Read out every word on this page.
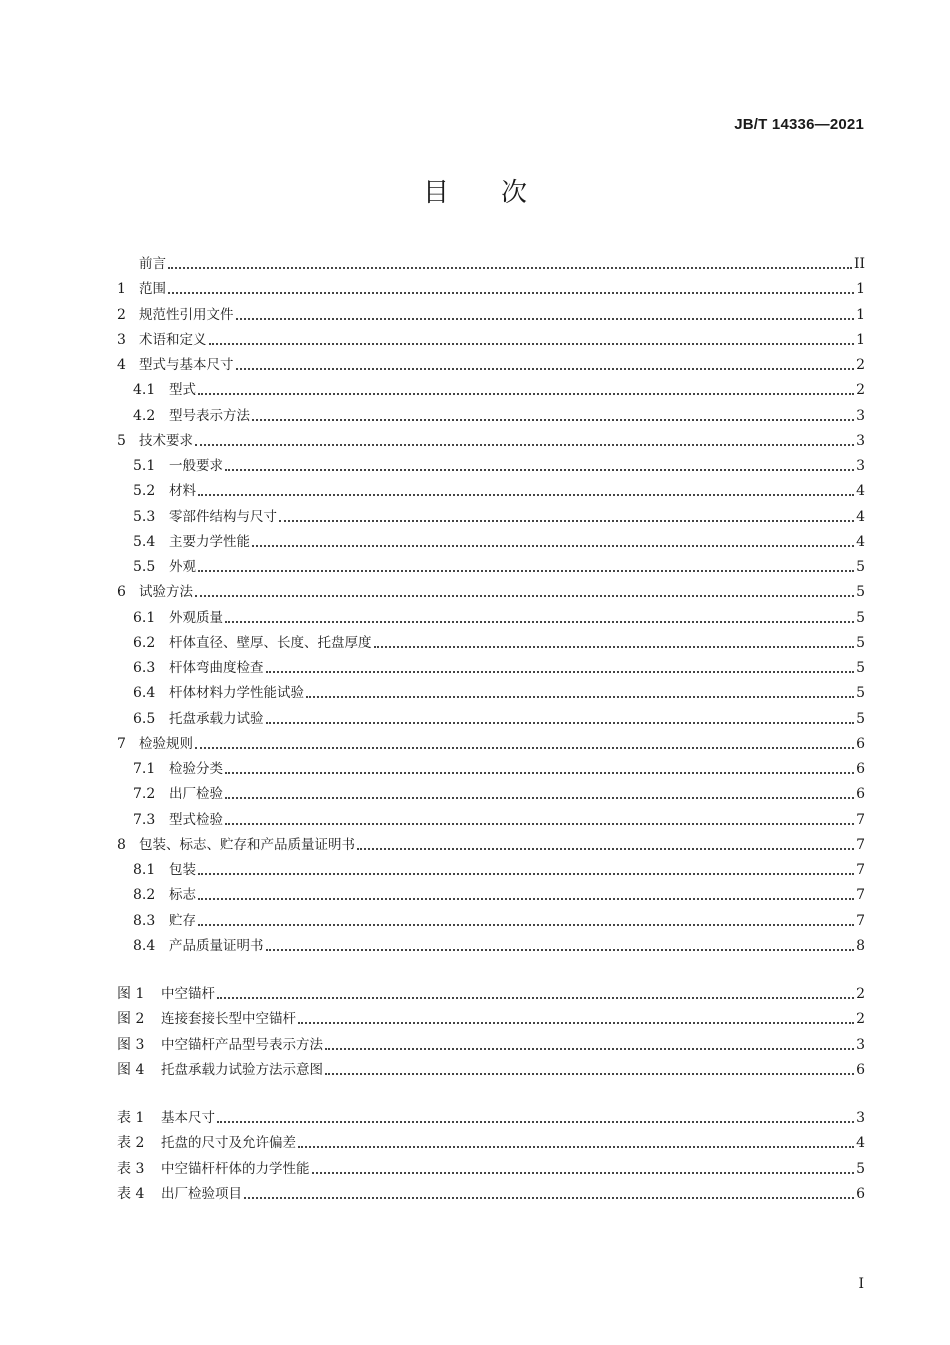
JB/T 14336—2021
目次
前言	II
1 范围	1
2 规范性引用文件	1
3 术语和定义	1
4 型式与基本尺寸	2
4.1	型式	2
4.2	型号表示方法	3
5 技术要求	3
5.1	一般要求	3
5.2	材料	4
5.3	零部件结构与尺寸	4
5.4	主要力学性能	4
5.5	外观	5
6 试验方法	5
6.1	外观质量	5
6.2	杆体直径、壁厚、长度、托盘厚度	5
6.3	杆体弯曲度检查	5
6.4	杆体材料力学性能试验	5
6.5	托盘承载力试验	5
7 检验规则	6
7.1	检验分类	6
7.2	出厂检验	6
7.3	型式检验	7
8 包装、标志、贮存和产品质量证明书	7
8.1	包装	7
8.2	标志	7
8.3	贮存	7
8.4	产品质量证明书	8
图 1	中空锚杆	2
图 2	连接套接长型中空锚杆	2
图 3	中空锚杆产品型号表示方法	3
图 4	托盘承载力试验方法示意图	6
表 1	基本尺寸	3
表 2	托盘的尺寸及允许偏差	4
表 3	中空锚杆杆体的力学性能	5
表 4	出厂检验项目	6
I
